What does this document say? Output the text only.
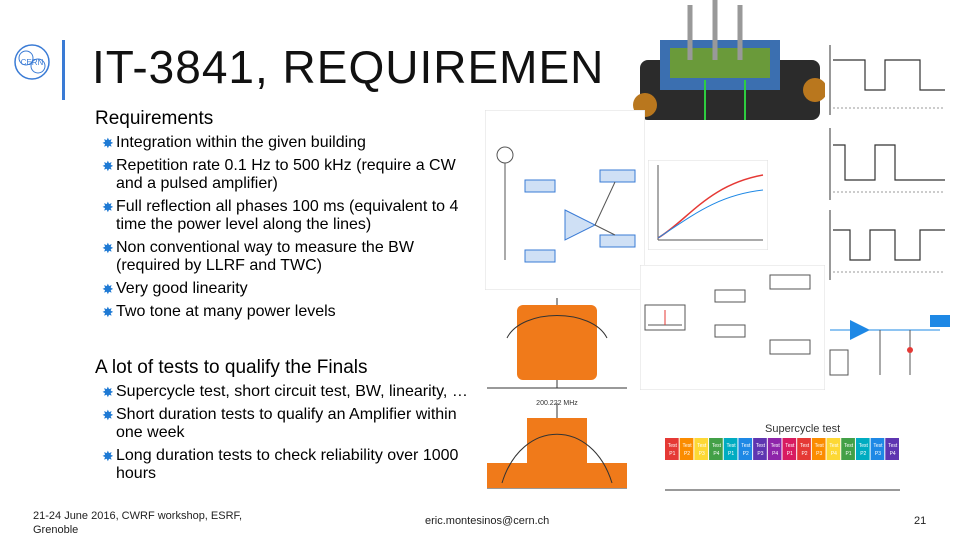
CERN IT-3841, REQUIREMEN
Requirements
✸ Integration within the given building
✸ Repetition rate 0.1 Hz to 500 kHz (require a CW and a pulsed amplifier)
✸ Full reflection all phases 100 ms (equivalent to 4 time the power level along the lines)
✸ Non conventional way to measure the BW (required by LLRF and TWC)
✸ Very good linearity
✸ Two tone at many power levels
A lot of tests to qualify the Finals
✸ Supercycle test, short circuit test, BW, linearity, …
✸ Short duration tests to qualify an Amplifier within one week
✸ Long duration tests to check reliability over 1000 hours
200.222 MHz
Supercycle test
Test
P1
Test
P2
Test
P3
Test
P4
Test
P1
Test
P2
Test
P3
Test
P4
Test
P1
Test
P2
Test
P3
Test
P4
Test
P1
Test
P2
Test
P3
Test
P4
21-24 June 2016, CWRF workshop, ESRF, Grenoble
eric.montesinos@cern.ch	21
